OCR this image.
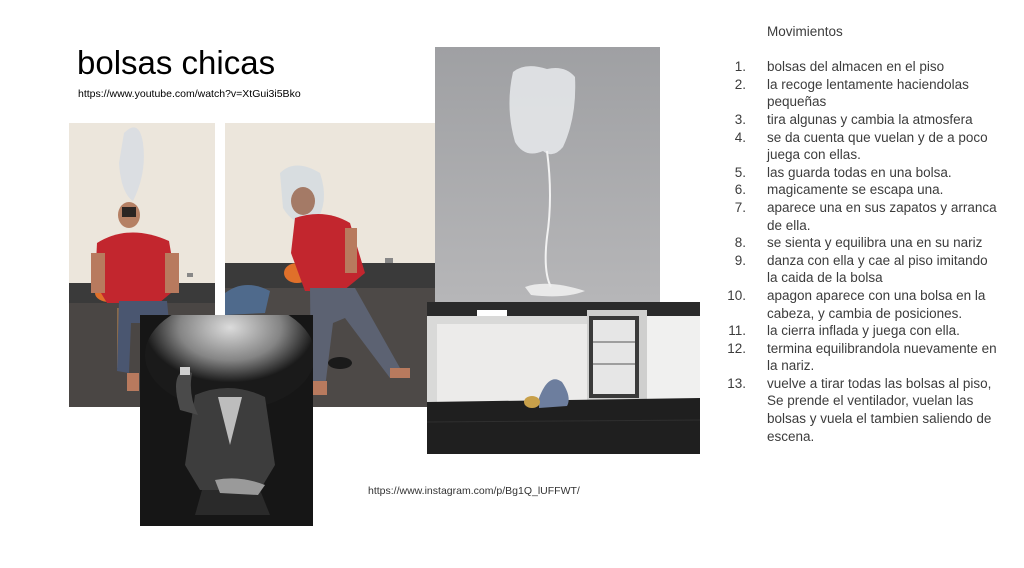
bolsas chicas
https://www.youtube.com/watch?v=XtGui3i5Bko
https://www.instagram.com/p/Bg1Q_lUFFWT/
Movimientos
1. bolsas del almacen en el piso
2. la recoge lentamente haciendolas pequeñas
3. tira algunas y cambia la atmosfera
4. se da cuenta que vuelan y de a poco juega con ellas.
5. las guarda todas en una bolsa.
6. magicamente se escapa una.
7. aparece una en sus zapatos y arranca de ella.
8. se sienta y equilibra una en su nariz
9. danza con ella y cae al piso imitando la caida de la bolsa
10. apagon aparece con una bolsa en la cabeza, y cambia de posiciones.
11. la cierra inflada y juega con ella.
12. termina equilibrandola nuevamente en la nariz.
13. vuelve a tirar todas las bolsas al piso, Se prende el ventilador, vuelan las bolsas y vuela el tambien saliendo de escena.
